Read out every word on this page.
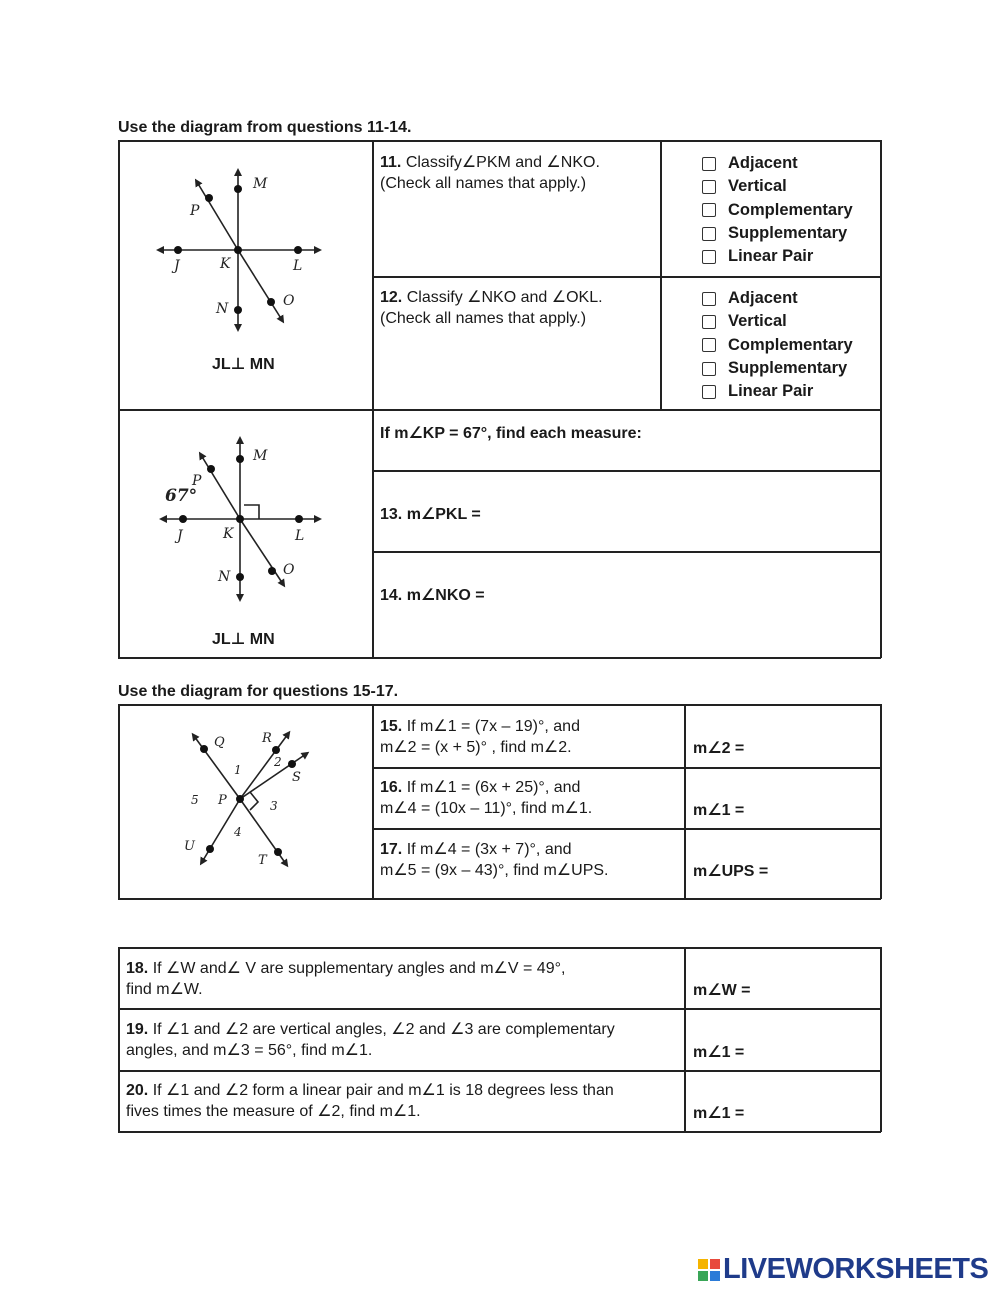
Use the diagram from questions 11-14.
M
P
J	K	L
N	O
JL⊥ MN
11. Classify∠PKM and ∠NKO.
(Check all names that apply.)
Adjacent
Vertical
Complementary
Supplementary
Linear Pair
12. Classify ∠NKO and ∠OKL.
(Check all names that apply.)
Adjacent
Vertical
Complementary
Supplementary
Linear Pair
67°
M
P
J	K	L
N	O
JL⊥ MN
If m∠KP = 67°, find each measure:
13. m∠PKL =
14. m∠NKO =
Use the diagram for questions 15-17.
Q	R
S
P
U
T
1
2
3
4
5
15. If m∠1 = (7x – 19)°, and
m∠2 = (x + 5)° , find m∠2.	m∠2 =
16. If m∠1 = (6x + 25)°, and
m∠4 = (10x – 11)°, find m∠1.	m∠1 =
17. If m∠4 = (3x + 7)°, and
m∠5 = (9x – 43)°, find m∠UPS.	m∠UPS =
18. If ∠W and∠ V are supplementary angles and m∠V = 49°,
find m∠W.	m∠W =
19. If ∠1 and ∠2 are vertical angles, ∠2 and ∠3 are complementary
angles, and m∠3 = 56°, find m∠1.	m∠1 =
20. If ∠1 and ∠2 form a linear pair and m∠1 is 18 degrees less than
fives times the measure of ∠2, find m∠1.	m∠1 =
LIVEWORKSHEETS
